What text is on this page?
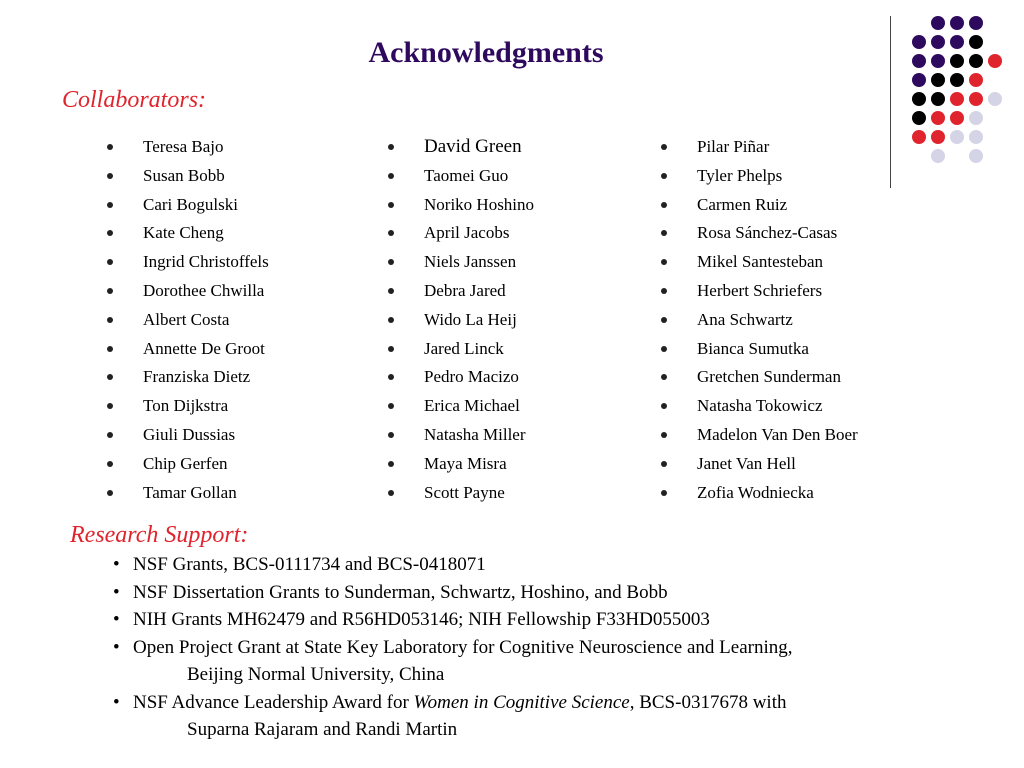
Acknowledgments
Collaborators:
Teresa Bajo
Susan Bobb
Cari Bogulski
Kate Cheng
Ingrid Christoffels
Dorothee Chwilla
Albert Costa
Annette De Groot
Franziska Dietz
Ton Dijkstra
Giuli Dussias
Chip Gerfen
Tamar Gollan
David Green
Taomei Guo
Noriko Hoshino
April Jacobs
Niels Janssen
Debra Jared
Wido La Heij
Jared Linck
Pedro Macizo
Erica Michael
Natasha Miller
Maya Misra
Scott Payne
Pilar Piñar
Tyler Phelps
Carmen Ruiz
Rosa Sánchez-Casas
Mikel Santesteban
Herbert Schriefers
Ana Schwartz
Bianca Sumutka
Gretchen Sunderman
Natasha Tokowicz
Madelon Van Den Boer
Janet Van Hell
Zofia Wodniecka
Research Support:
• NSF Grants, BCS-0111734 and BCS-0418071
• NSF Dissertation Grants to Sunderman, Schwartz, Hoshino, and Bobb
• NIH Grants MH62479 and R56HD053146; NIH Fellowship F33HD055003
• Open Project Grant at State Key Laboratory for Cognitive Neuroscience and Learning,
Beijing Normal University, China
• NSF Advance Leadership Award for Women in Cognitive Science, BCS-0317678 with
Suparna Rajaram and Randi Martin
